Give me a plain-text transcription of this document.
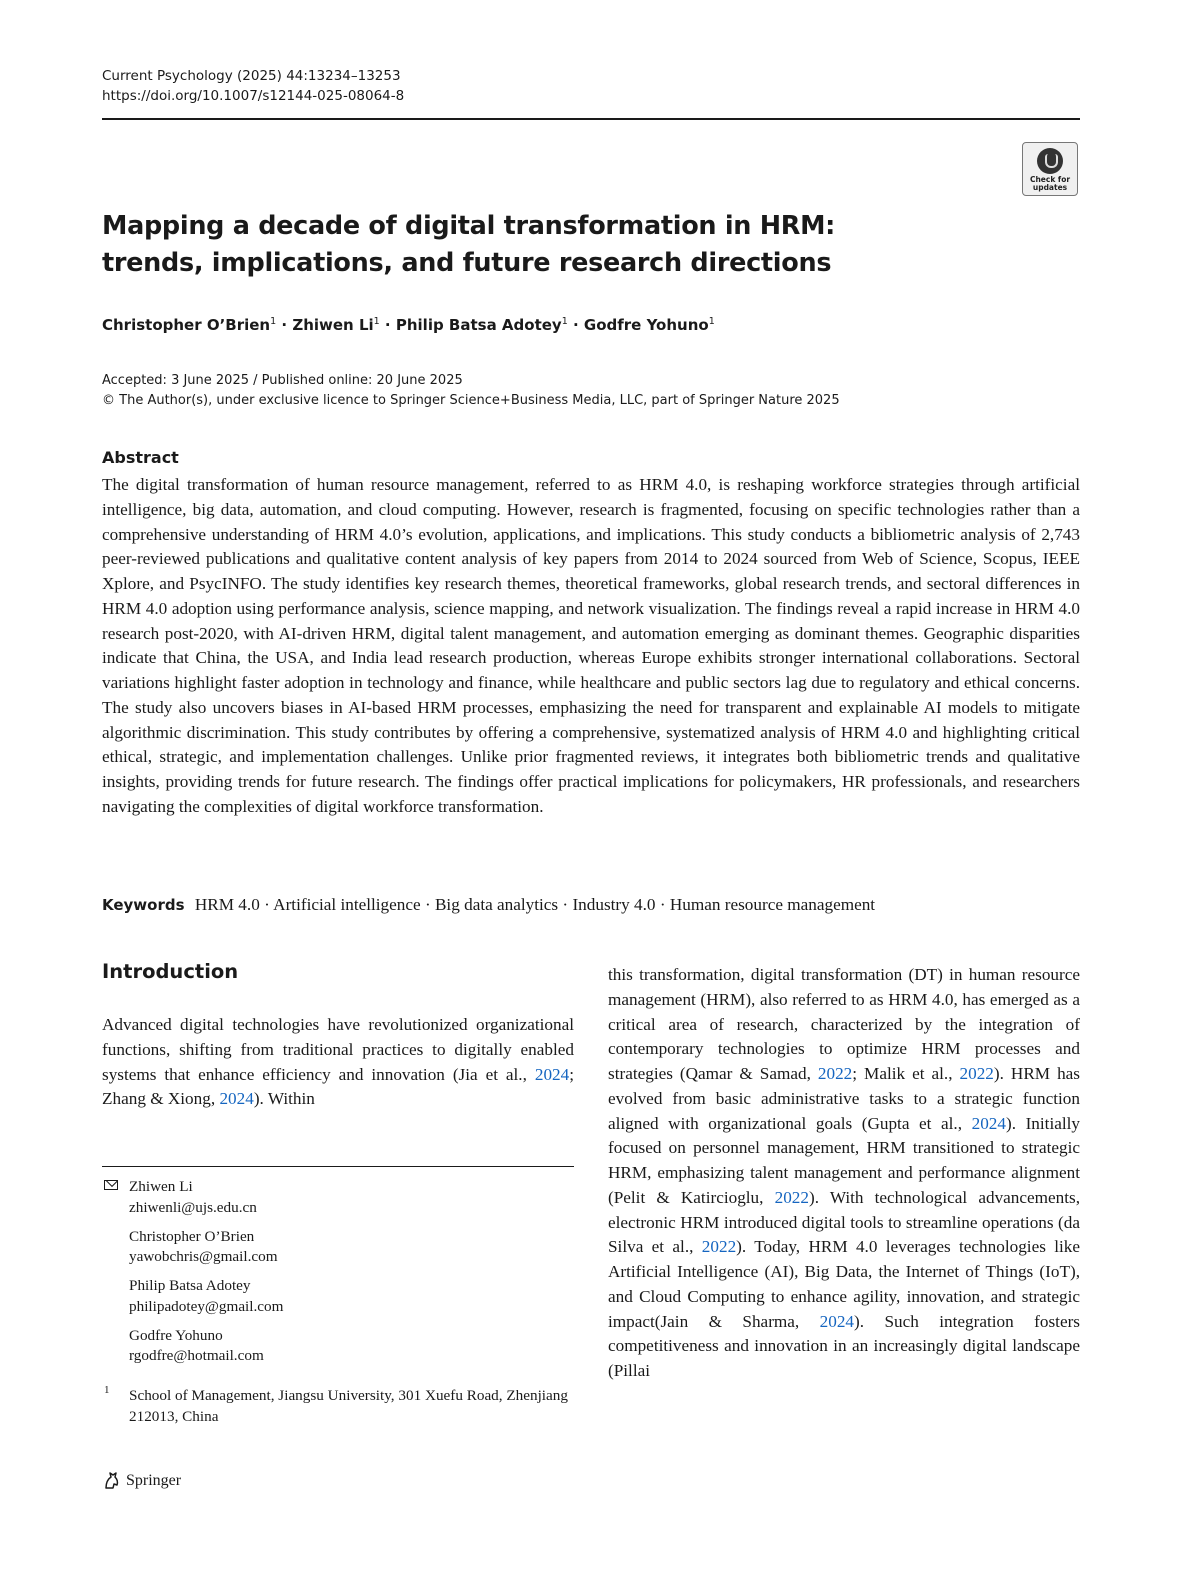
Current Psychology (2025) 44:13234–13253
https://doi.org/10.1007/s12144-025-08064-8
Check for updates
Mapping a decade of digital transformation in HRM: trends, implications, and future research directions
Christopher O’Brien$^1$ · Zhiwen $Li^1$ · Philip Batsa Adotey$^1$ · Godfre Yohuno$^1$
Accepted: 3 June 2025 / Published online: 20 June 2025
© The Author(s), under exclusive licence to Springer Science+Business Media, LLC, part of Springer Nature 2025
Abstract

The digital transformation of human resource management, referred to as HRM 4.0, is reshaping workforce strategies through artificial intelligence, big data, automation, and cloud computing. However, research is fragmented, focusing on specific technologies rather than a comprehensive understanding of HRM 4.0’s evolution, applications, and implications. This study conducts a bibliometric analysis of 2,743 peer-reviewed publications and qualitative content analysis of key papers from 2014 to 2024 sourced from Web of Science, Scopus, IEEE Xplore, and PsycINFO. The study identifies key research themes, theoretical frameworks, global research trends, and sectoral differences in HRM 4.0 adoption using performance analysis, science mapping, and network visualization. The findings reveal a rapid increase in HRM 4.0 research post-2020, with AI-driven HRM, digital talent management, and automation emerging as dominant themes. Geographic disparities indicate that China, the USA, and India lead research production, whereas Europe exhibits stronger international collaborations. Sectoral variations highlight faster adoption in technology and finance, while healthcare and public sectors lag due to regulatory and ethical concerns. The study also uncovers biases in AI-based HRM processes, emphasizing the need for transparent and explainable AI models to mitigate algorithmic discrimination. This study contributes by offering a comprehensive, systematized analysis of HRM 4.0 and highlighting critical ethical, strategic, and implementation challenges. Unlike prior fragmented reviews, it integrates both bibliometric trends and qualitative insights, providing trends for future research. The findings offer practical implications for policymakers, HR professionals, and researchers navigating the complexities of digital workforce transformation.

Keywords HRM 4.0 · Artificial intelligence · Big data analytics · Industry 4.0 · Human resource management
Introduction

Advanced digital technologies have revolutionized organizational functions, shifting from traditional practices to digitally enabled systems that enhance efficiency and innovation (Jia et al., 2024; Zhang & Xiong, 2024). Within

this transformation, digital transformation (DT) in human resource management (HRM), also referred to as HRM 4.0, has emerged as a critical area of research, characterized by the integration of contemporary technologies to optimize HRM processes and strategies (Qamar & Samad, 2022; Malik et al., 2022). HRM has evolved from basic administrative tasks to a strategic function aligned with organizational goals (Gupta et al., 2024). Initially focused on personnel management, HRM transitioned to strategic HRM, emphasizing talent management and performance alignment (Pelit & Katircioglu, 2022). With technological advancements, electronic HRM introduced digital tools to streamline operations (da Silva et al., 2022). Today, HRM 4.0 leverages technologies like Artificial Intelligence (AI), Big Data, the Internet of Things (IoT), and Cloud Computing to enhance agility, innovation, and strategic impact(Jain & Sharma, 2024). Such integration fosters competitiveness and innovation in an increasingly digital landscape (Pillai

Zhiwen Li
zhiwenli@ujs.edu.cn
Christopher O’Brien
yawobchris@gmail.com
Philip Batsa Adotey
philipadotey@gmail.com
Godfre Yohuno
rgodfre@hotmail.com
1 School of Management, Jiangsu University, 301 Xuefu Road, Zhenjiang 212013, China
Springer
